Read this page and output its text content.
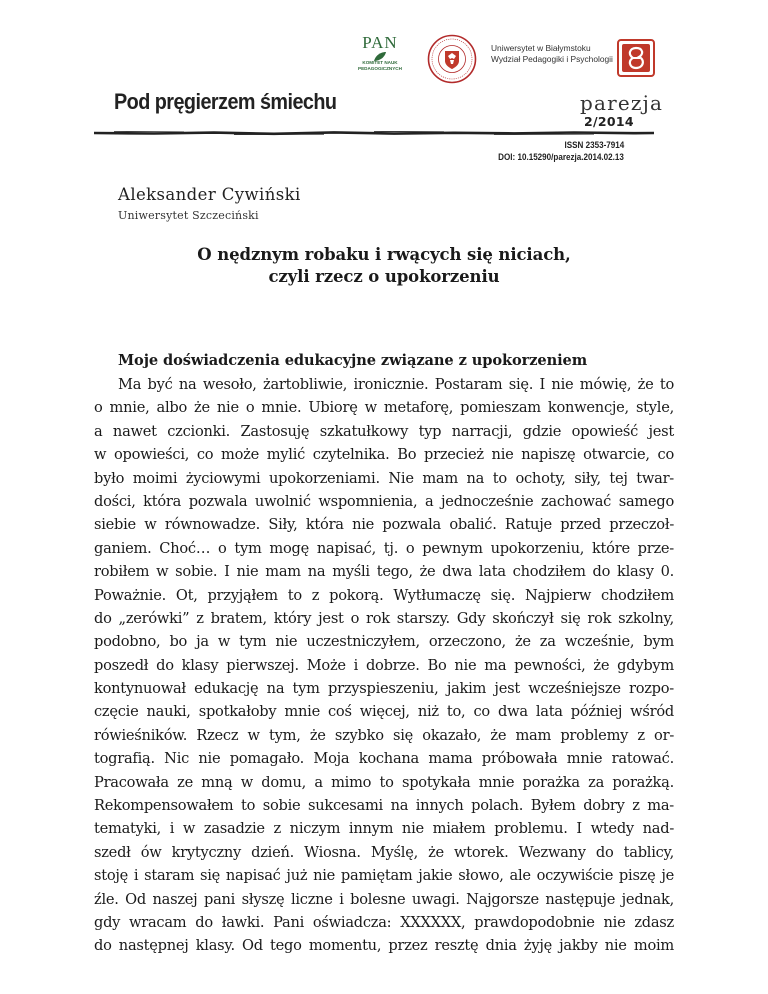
PAN
KOMITET NAUK
PEDAGOGICZNYCH
Uniwersytet w Białymstoku
Wydział Pedagogiki i Psychologii
Pod pręgierzem śmiechu	parezja
2/2014
ISSN 2353-7914
DOI: 10.15290/parezja.2014.02.13
Aleksander Cywiński
Uniwersytet Szczeciński
O nędznym robaku i rwących się niciach,
czyli rzecz o upokorzeniu
Moje doświadczenia edukacyjne związane z upokorzeniem
Ma być na wesoło, żartobliwie, ironicznie. Postaram się. I nie mówię, że to
o mnie, albo że nie o mnie. Ubiorę w metaforę, pomieszam konwencje, style,
a nawet czcionki. Zastosuję szkatułkowy typ narracji, gdzie opowieść jest
w opowieści, co może mylić czytelnika. Bo przecież nie napiszę otwarcie, co
było moimi życiowymi upokorzeniami. Nie mam na to ochoty, siły, tej twar-
dości, która pozwala uwolnić wspomnienia, a jednocześnie zachować samego
siebie w równowadze. Siły, która nie pozwala obalić. Ratuje przed przeczoł-
ganiem. Choć… o tym mogę napisać, tj. o pewnym upokorzeniu, które prze-
robiłem w sobie. I nie mam na myśli tego, że dwa lata chodziłem do klasy 0.
Poważnie. Ot, przyjąłem to z pokorą. Wytłumaczę się. Najpierw chodziłem
do „zerówki” z bratem, który jest o rok starszy. Gdy skończył się rok szkolny,
podobno, bo ja w tym nie uczestniczyłem, orzeczono, że za wcześnie, bym
poszedł do klasy pierwszej. Może i dobrze. Bo nie ma pewności, że gdybym
kontynuował edukację na tym przyspieszeniu, jakim jest wcześniejsze rozpo-
częcie nauki, spotkałoby mnie coś więcej, niż to, co dwa lata później wśród
rówieśników. Rzecz w tym, że szybko się okazało, że mam problemy z or-
tografią. Nic nie pomagało. Moja kochana mama próbowała mnie ratować.
Pracowała ze mną w domu, a mimo to spotykała mnie porażka za porażką.
Rekompensowałem to sobie sukcesami na innych polach. Byłem dobry z ma-
tematyki, i w zasadzie z niczym innym nie miałem problemu. I wtedy nad-
szedł ów krytyczny dzień. Wiosna. Myślę, że wtorek. Wezwany do tablicy,
stoję i staram się napisać już nie pamiętam jakie słowo, ale oczywiście piszę je
źle. Od naszej pani słyszę liczne i bolesne uwagi. Najgorsze następuje jednak,
gdy wracam do ławki. Pani oświadcza: XXXXXX, prawdopodobnie nie zdasz
do następnej klasy. Od tego momentu, przez resztę dnia żyję jakby nie moim
